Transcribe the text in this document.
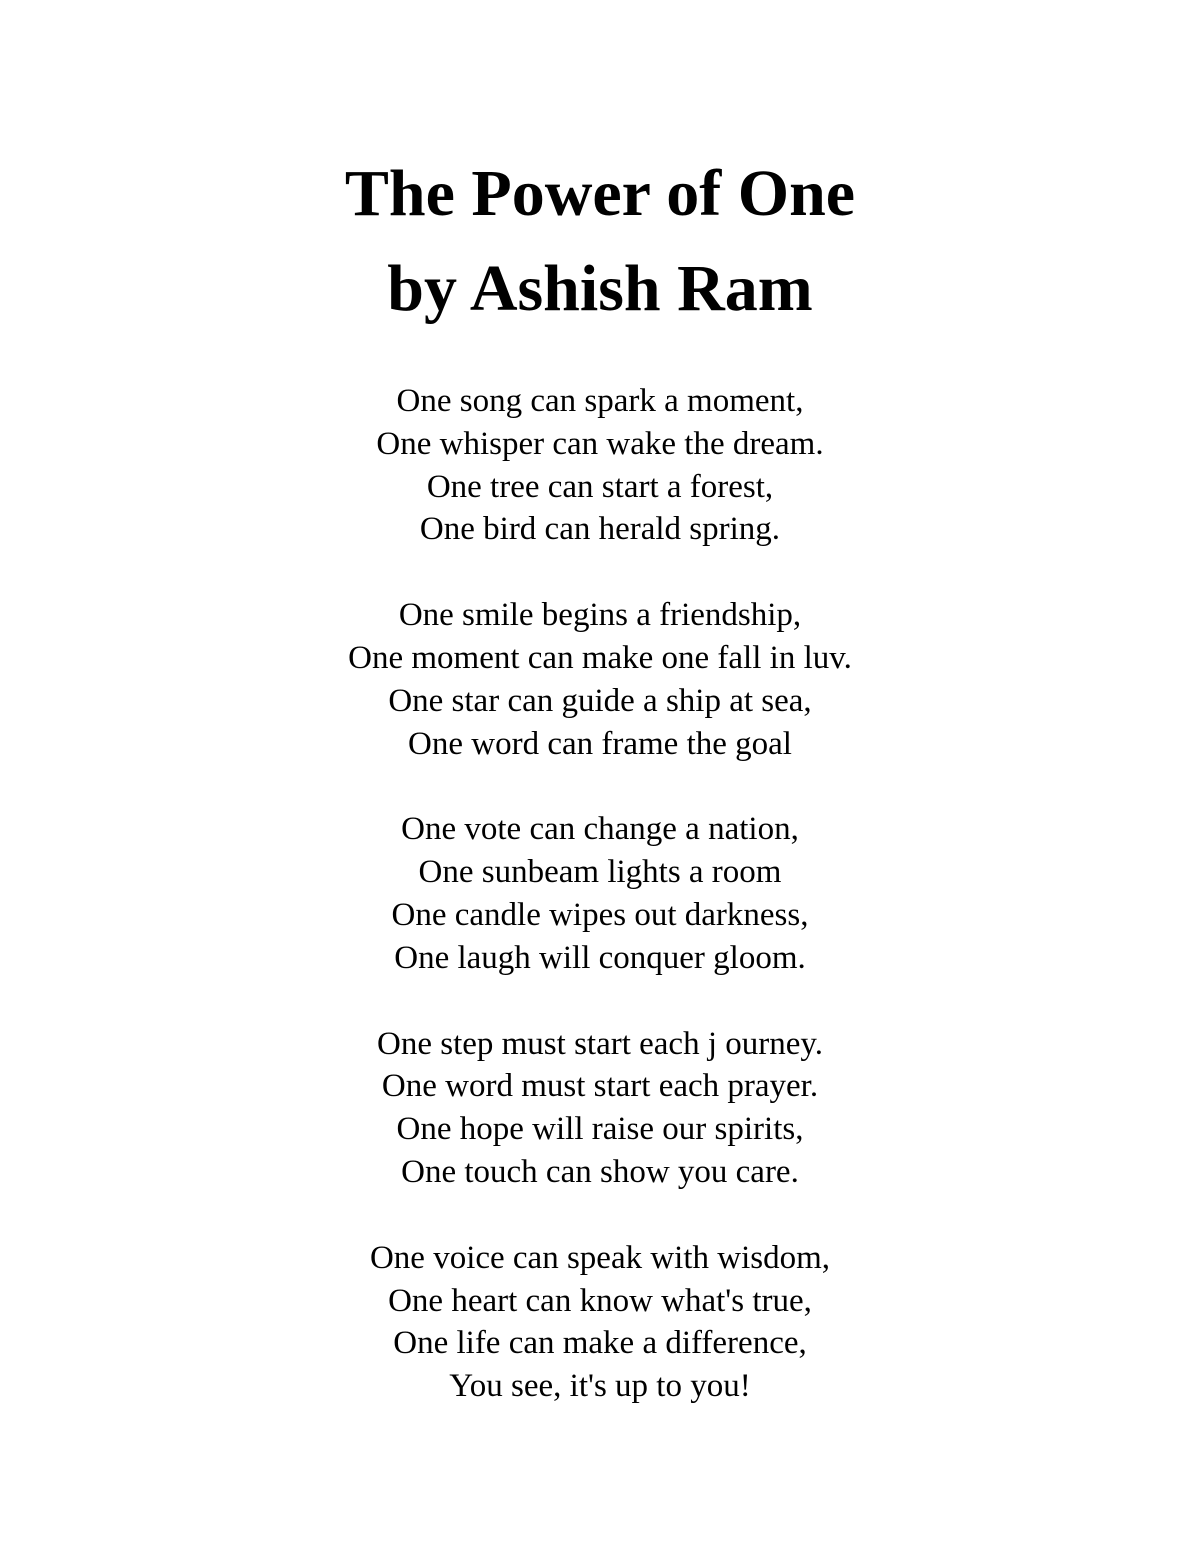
The Power of One
by Ashish Ram
One song can spark a moment,
One whisper can wake the dream.
One tree can start a forest,
One bird can herald spring.
One smile begins a friendship,
One moment can make one fall in luv.
One star can guide a ship at sea,
One word can frame the goal
One vote can change a nation,
One sunbeam lights a room
One candle wipes out darkness,
One laugh will conquer gloom.
One step must start each j ourney.
One word must start each prayer.
One hope will raise our spirits,
One touch can show you care.
One voice can speak with wisdom,
One heart can know what's true,
One life can make a difference,
You see, it's up to you!
